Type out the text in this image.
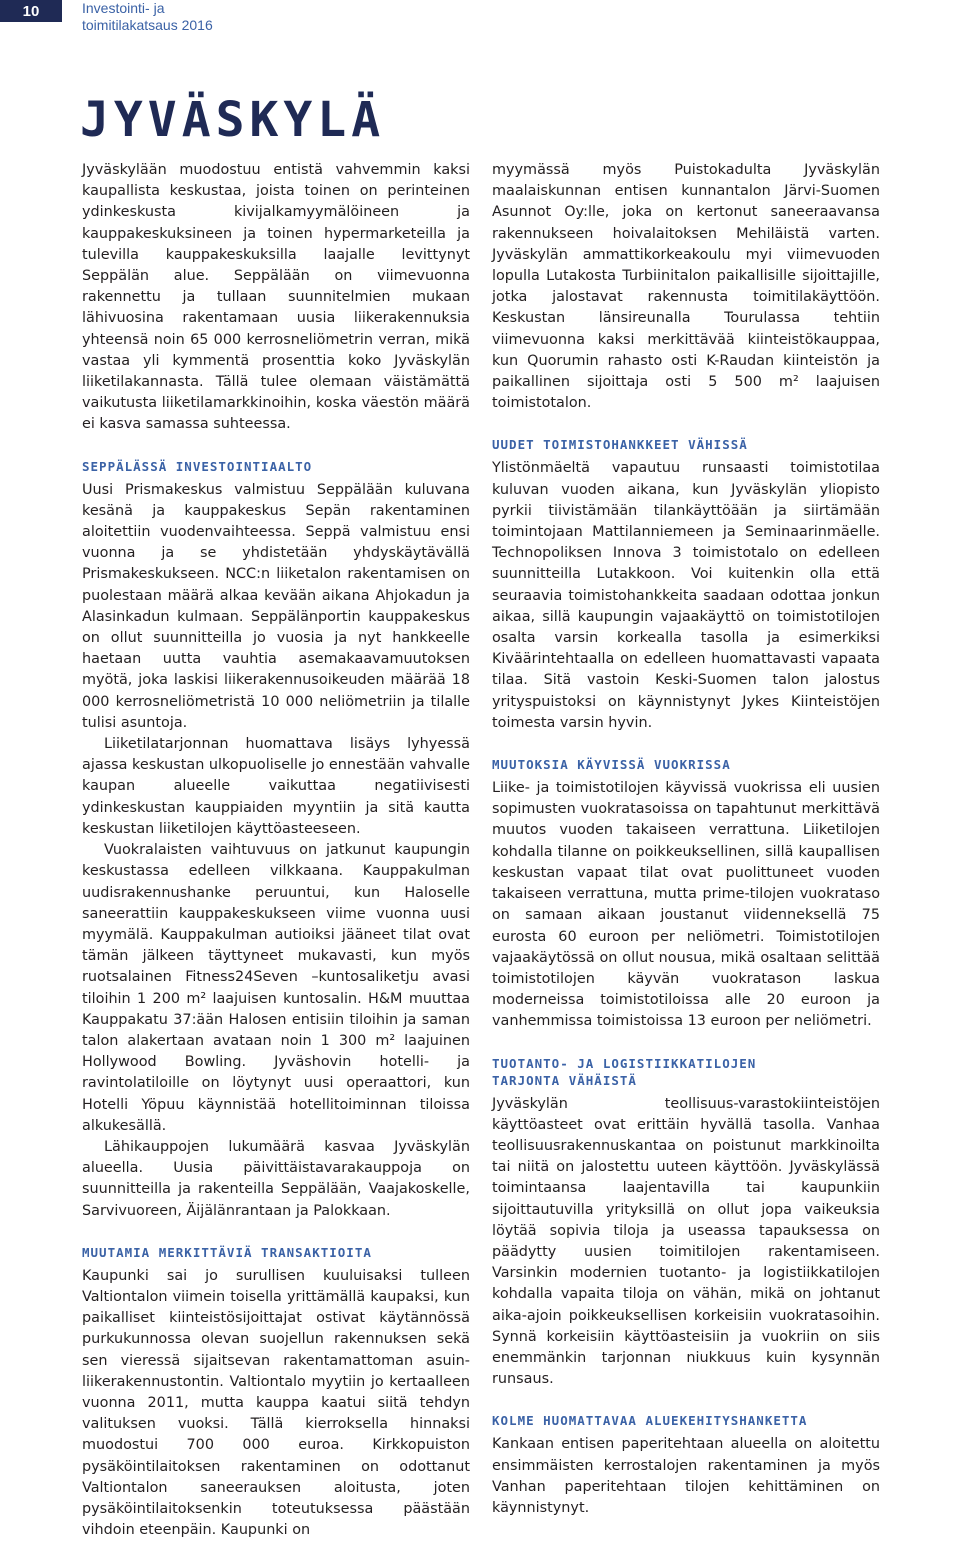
10	Investointi- ja
toimitilakatsaus 2016
JYVÄSKYLÄ

Jyväskylään muodostuu entistä vahvemmin kaksi kaupallista keskustaa, joista toinen on perinteinen ydinkeskusta kivijalkamyymälöineen ja kauppakeskuksineen ja toinen hypermarketeilla ja tulevilla kauppakeskuksilla laajalle levittynyt Seppälän alue. Seppälään on viimevuonna rakennettu ja tullaan suunnitelmien mukaan lähivuosina rakentamaan uusia liikerakennuksia yhteensä noin 65 000 kerrosneliömetrin verran, mikä vastaa yli kymmentä prosenttia koko Jyväskylän liiketilakannasta. Tällä tulee olemaan väistämättä vaikutusta liiketilamarkkinoihin, koska väestön määrä ei kasva samassa suhteessa.

SEPPÄLÄSSÄ INVESTOINTIAALTO

Uusi Prismakeskus valmistuu Seppälään kuluvana kesänä ja kauppakeskus Sepän rakentaminen aloitettiin vuodenvaihteessa. Seppä valmistuu ensi vuonna ja se yhdistetään yhdyskäytävällä Prismakeskukseen. NCC:n liiketalon rakentamisen on puolestaan määrä alkaa kevään aikana Ahjokadun ja Alasinkadun kulmaan. Seppälänportin kauppakeskus on ollut suunnitteilla jo vuosia ja nyt hankkeelle haetaan uutta vauhtia asemakaavamuutoksen myötä, joka laskisi liikerakennusoikeuden määrää 18 000 kerrosneliömetristä 10 000 neliömetriin ja tilalle tulisi asuntoja.

Liiketilatarjonnan huomattava lisäys lyhyessä ajassa keskustan ulkopuoliselle jo ennestään vahvalle kaupan alueelle vaikuttaa negatiivisesti ydinkeskustan kauppiaiden myyntiin ja sitä kautta keskustan liiketilojen käyttöasteeseen.

Vuokralaisten vaihtuvuus on jatkunut kaupungin keskustassa edelleen vilkkaana. Kauppakulman uudisrakennushanke peruuntui, kun Haloselle saneerattiin kauppakeskukseen viime vuonna uusi myymälä. Kauppakulman autioiksi jääneet tilat ovat tämän jälkeen täyttyneet mukavasti, kun myös ruotsalainen Fitness24Seven –kuntosaliketju avasi tiloihin 1 200 m² laajuisen kuntosalin. H&M muuttaa Kauppakatu 37:ään Halosen entisiin tiloihin ja saman talon alakertaan avataan noin 1 300 m² laajuinen Hollywood Bowling. Jyväshovin hotelli- ja ravintolatiloille on löytynyt uusi operaattori, kun Hotelli Yöpuu käynnistää hotellitoiminnan tiloissa alkukesällä.

Lähikauppojen lukumäärä kasvaa Jyväskylän alueella. Uusia päivittäistavarakauppoja on suunnitteilla ja rakenteilla Seppälään, Vaajakoskelle, Sarvivuoreen, Äijälänrantaan ja Palokkaan.

MUUTAMIA MERKITTÄVIÄ TRANSAKTIOITA

Kaupunki sai jo surullisen kuuluisaksi tulleen Valtiontalon viimein toisella yrittämällä kaupaksi, kun paikalliset kiinteistösijoittajat ostivat käytännössä purkukunnossa olevan suojellun rakennuksen sekä sen vieressä sijaitsevan rakentamattoman asuin-liikerakennustontin. Valtiontalo myytiin jo kertaalleen vuonna 2011, mutta kauppa kaatui siitä tehdyn valituksen vuoksi. Tällä kierroksella hinnaksi muodostui 700 000 euroa. Kirkkopuiston pysäköintilaitoksen rakentaminen on odottanut Valtiontalon saneerauksen aloitusta, joten pysäköintilaitoksenkin toteutuksessa päästään vihdoin eteenpäin. Kaupunki on

myymässä myös Puistokadulta Jyväskylän maalaiskunnan entisen kunnantalon Järvi-Suomen Asunnot Oy:lle, joka on kertonut saneeraavansa rakennukseen hoivalaitoksen Mehiläistä varten. Jyväskylän ammattikorkeakoulu myi viimevuoden lopulla Lutakosta Turbiinitalon paikallisille sijoittajille, jotka jalostavat rakennusta toimitilakäyttöön. Keskustan länsireunalla Tourulassa tehtiin viimevuonna kaksi merkittävää kiinteistökauppaa, kun Quorumin rahasto osti K-Raudan kiinteistön ja paikallinen sijoittaja osti 5 500 m² laajuisen toimistotalon.

UUDET TOIMISTOHANKKEET VÄHISSÄ

Ylistönmäeltä vapautuu runsaasti toimistotilaa kuluvan vuoden aikana, kun Jyväskylän yliopisto pyrkii tiivistämään tilankäyttöään ja siirtämään toimintojaan Mattilanniemeen ja Seminaarinmäelle. Technopoliksen Innova 3 toimistotalo on edelleen suunnitteilla Lutakkoon. Voi kuitenkin olla että seuraavia toimistohankkeita saadaan odottaa jonkun aikaa, sillä kaupungin vajaakäyttö on toimistotilojen osalta varsin korkealla tasolla ja esimerkiksi Kiväärintehtaalla on edelleen huomattavasti vapaata tilaa. Sitä vastoin Keski-Suomen talon jalostus yrityspuistoksi on käynnistynyt Jykes Kiinteistöjen toimesta varsin hyvin.

MUUTOKSIA KÄYVISSÄ VUOKRISSA

Liike- ja toimistotilojen käyvissä vuokrissa eli uusien sopimusten vuokratasoissa on tapahtunut merkittävä muutos vuoden takaiseen verrattuna. Liiketilojen kohdalla tilanne on poikkeuksellinen, sillä kaupallisen keskustan vapaat tilat ovat puolittuneet vuoden takaiseen verrattuna, mutta prime-tilojen vuokrataso on samaan aikaan joustanut viidenneksellä 75 eurosta 60 euroon per neliömetri. Toimistotilojen vajaakäytössä on ollut nousua, mikä osaltaan selittää toimistotilojen käyvän vuokratason laskua moderneissa toimistotiloissa alle 20 euroon ja vanhemmissa toimistoissa 13 euroon per neliömetri.

TUOTANTO- JA LOGISTIIKKATILOJEN
TARJONTA VÄHÄISTÄ

Jyväskylän teollisuus-varastokiinteistöjen käyttöasteet ovat erittäin hyvällä tasolla. Vanhaa teollisuusrakennuskantaa on poistunut markkinoilta tai niitä on jalostettu uuteen käyttöön. Jyväskylässä toimintaansa laajentavilla tai kaupunkiin sijoittautuvilla yrityksillä on ollut jopa vaikeuksia löytää sopivia tiloja ja useassa tapauksessa on päädytty uusien toimitilojen rakentamiseen. Varsinkin modernien tuotanto- ja logistiikkatilojen kohdalla vapaita tiloja on vähän, mikä on johtanut aika-ajoin poikkeuksellisen korkeisiin vuokratasoihin. Synnä korkeisiin käyttöasteisiin ja vuokriin on siis enemmänkin tarjonnan niukkuus kuin kysynnän runsaus.

KOLME HUOMATTAVAA ALUEKEHITYSHANKETTA

Kankaan entisen paperitehtaan alueella on aloitettu ensimmäisten kerrostalojen rakentaminen ja myös Vanhan paperitehtaan tilojen kehittäminen on käynnistynyt.
